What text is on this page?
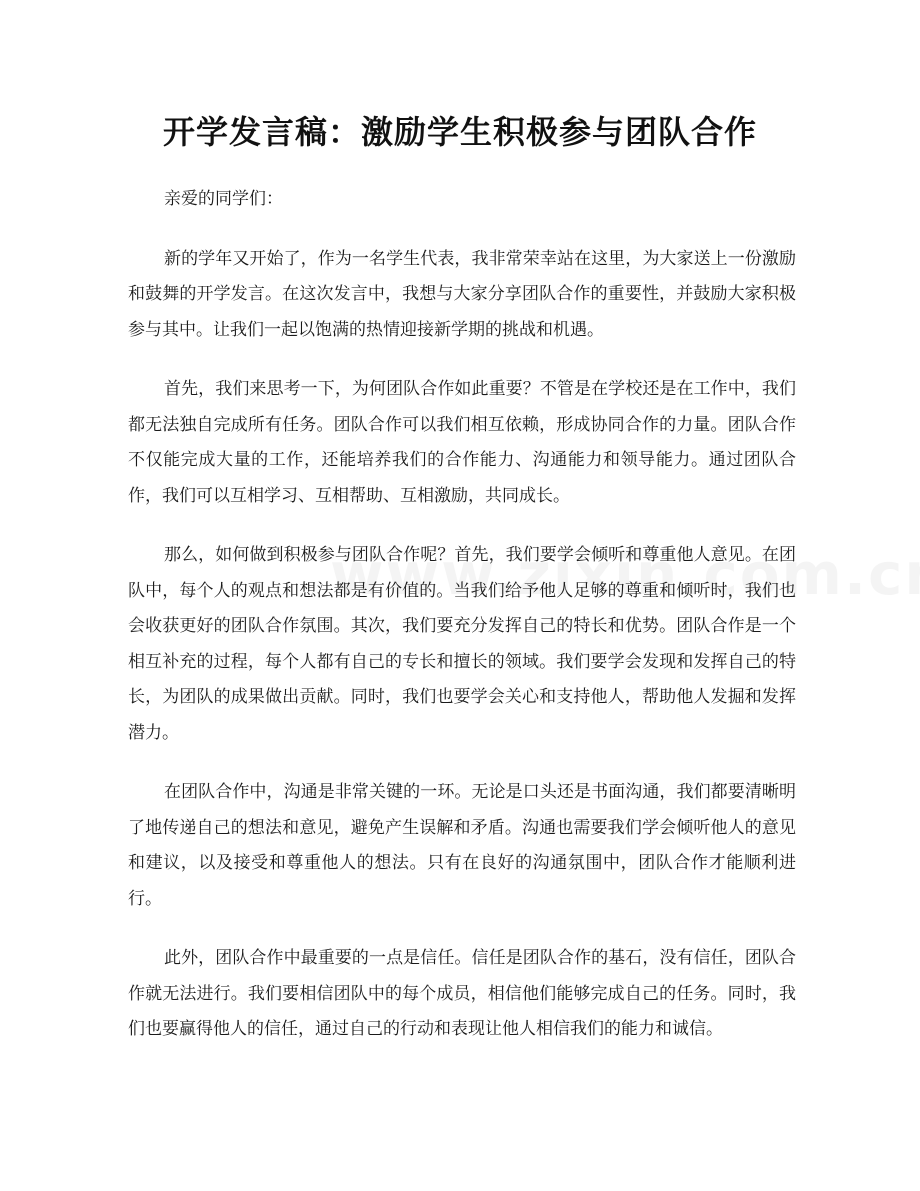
开学发言稿：激励学生积极参与团队合作

亲爱的同学们：

新的学年又开始了，作为一名学生代表，我非常荣幸站在这里，为大家送上一份激励和鼓舞的开学发言。在这次发言中，我想与大家分享团队合作的重要性，并鼓励大家积极参与其中。让我们一起以饱满的热情迎接新学期的挑战和机遇。

首先，我们来思考一下，为何团队合作如此重要？不管是在学校还是在工作中，我们都无法独自完成所有任务。团队合作可以我们相互依赖，形成协同合作的力量。团队合作不仅能完成大量的工作，还能培养我们的合作能力、沟通能力和领导能力。通过团队合作，我们可以互相学习、互相帮助、互相激励，共同成长。

那么，如何做到积极参与团队合作呢？首先，我们要学会倾听和尊重他人意见。在团队中，每个人的观点和想法都是有价值的。当我们给予他人足够的尊重和倾听时，我们也会收获更好的团队合作氛围。其次，我们要充分发挥自己的特长和优势。团队合作是一个相互补充的过程，每个人都有自己的专长和擅长的领域。我们要学会发现和发挥自己的特长，为团队的成果做出贡献。同时，我们也要学会关心和支持他人，帮助他人发掘和发挥潜力。

在团队合作中，沟通是非常关键的一环。无论是口头还是书面沟通，我们都要清晰明了地传递自己的想法和意见，避免产生误解和矛盾。沟通也需要我们学会倾听他人的意见和建议，以及接受和尊重他人的想法。只有在良好的沟通氛围中，团队合作才能顺利进行。

此外，团队合作中最重要的一点是信任。信任是团队合作的基石，没有信任，团队合作就无法进行。我们要相信团队中的每个成员，相信他们能够完成自己的任务。同时，我们也要赢得他人的信任，通过自己的行动和表现让他人相信我们的能力和诚信。
